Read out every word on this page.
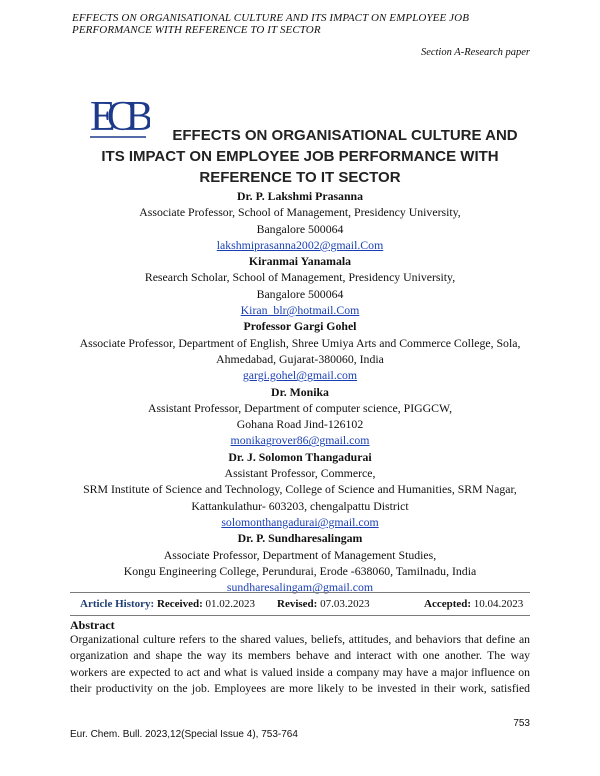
EFFECTS ON ORGANISATIONAL CULTURE AND ITS IMPACT ON EMPLOYEE JOB
PERFORMANCE WITH REFERENCE TO IT SECTOR
Section A-Research paper
ECB	EFFECTS ON ORGANISATIONAL CULTURE AND
ITS IMPACT ON EMPLOYEE JOB PERFORMANCE WITH
REFERENCE TO IT SECTOR
Dr. P. Lakshmi Prasanna
Associate Professor, School of Management, Presidency University,
Bangalore 500064
lakshmiprasanna2002@gmail.Com
Kiranmai Yanamala
Research Scholar, School of Management, Presidency University,
Bangalore 500064
Kiran_blr@hotmail.Com
Professor Gargi Gohel
Associate Professor, Department of English, Shree Umiya Arts and Commerce College, Sola,
Ahmedabad, Gujarat-380060, India
gargi.gohel@gmail.com
Dr. Monika
Assistant Professor, Department of computer science, PIGGCW,
Gohana Road Jind-126102
monikagrover86@gmail.com
Dr. J. Solomon Thangadurai
Assistant Professor, Commerce,
SRM Institute of Science and Technology, College of Science and Humanities, SRM Nagar,
Kattankulathur- 603203, chengalpattu District
solomonthangadurai@gmail.com
Dr. P. Sundharesalingam
Associate Professor, Department of Management Studies,
Kongu Engineering College, Perundurai, Erode -638060, Tamilnadu, India
sundharesalingam@gmail.com
Article History: Received: 01.02.2023 Revised: 07.03.2023	Accepted: 10.04.2023
Abstract
Organizational culture refers to the shared values, beliefs, attitudes, and behaviors that define an
organization and shape the way its members behave and interact with one another. The way
workers are expected to act and what is valued inside a company may have a major influence on
their productivity on the job. Employees are more likely to be invested in their work, satisfied
753
Eur. Chem. Bull. 2023,12(Special Issue 4), 753-764
